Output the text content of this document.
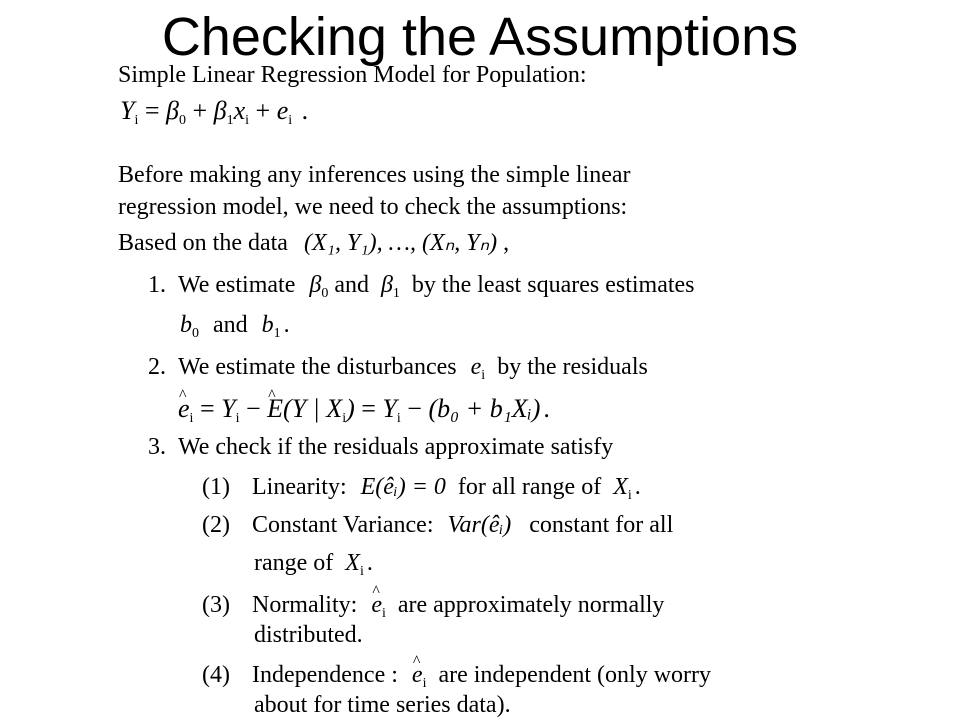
Checking the Assumptions
Simple Linear Regression Model for Population:
$Y_i = \beta_0 + \beta_1x_i + e_i$ .
Before making any inferences using the simple linear
regression model, we need to check the assumptions:
Based on the data (X₁, Y₁), …, (Xₙ, Yₙ) ,
1. We estimate $\beta_0$ and $\beta_1$ by the least squares estimates
$b_0$ and $b_1$ .
2. We estimate the disturbances $e_i$ by the residuals
^ $e_i = Y_i$ − ^ E(Y | $X_i) = Y_i - (b_0$ + b₁Xᵢ) .
3. We check if the residuals approximate satisfy
(1) Linearity: E(êᵢ) = 0 for all range of $X_i$ .
(2) Constant Variance: Var(êᵢ) constant for all
range of $X_i$ .
(3) Normality: ^ $e_i$ are approximately normally
distributed.
(4) Independence : ^ $e_i$ are independent (only worry
about for time series data).
